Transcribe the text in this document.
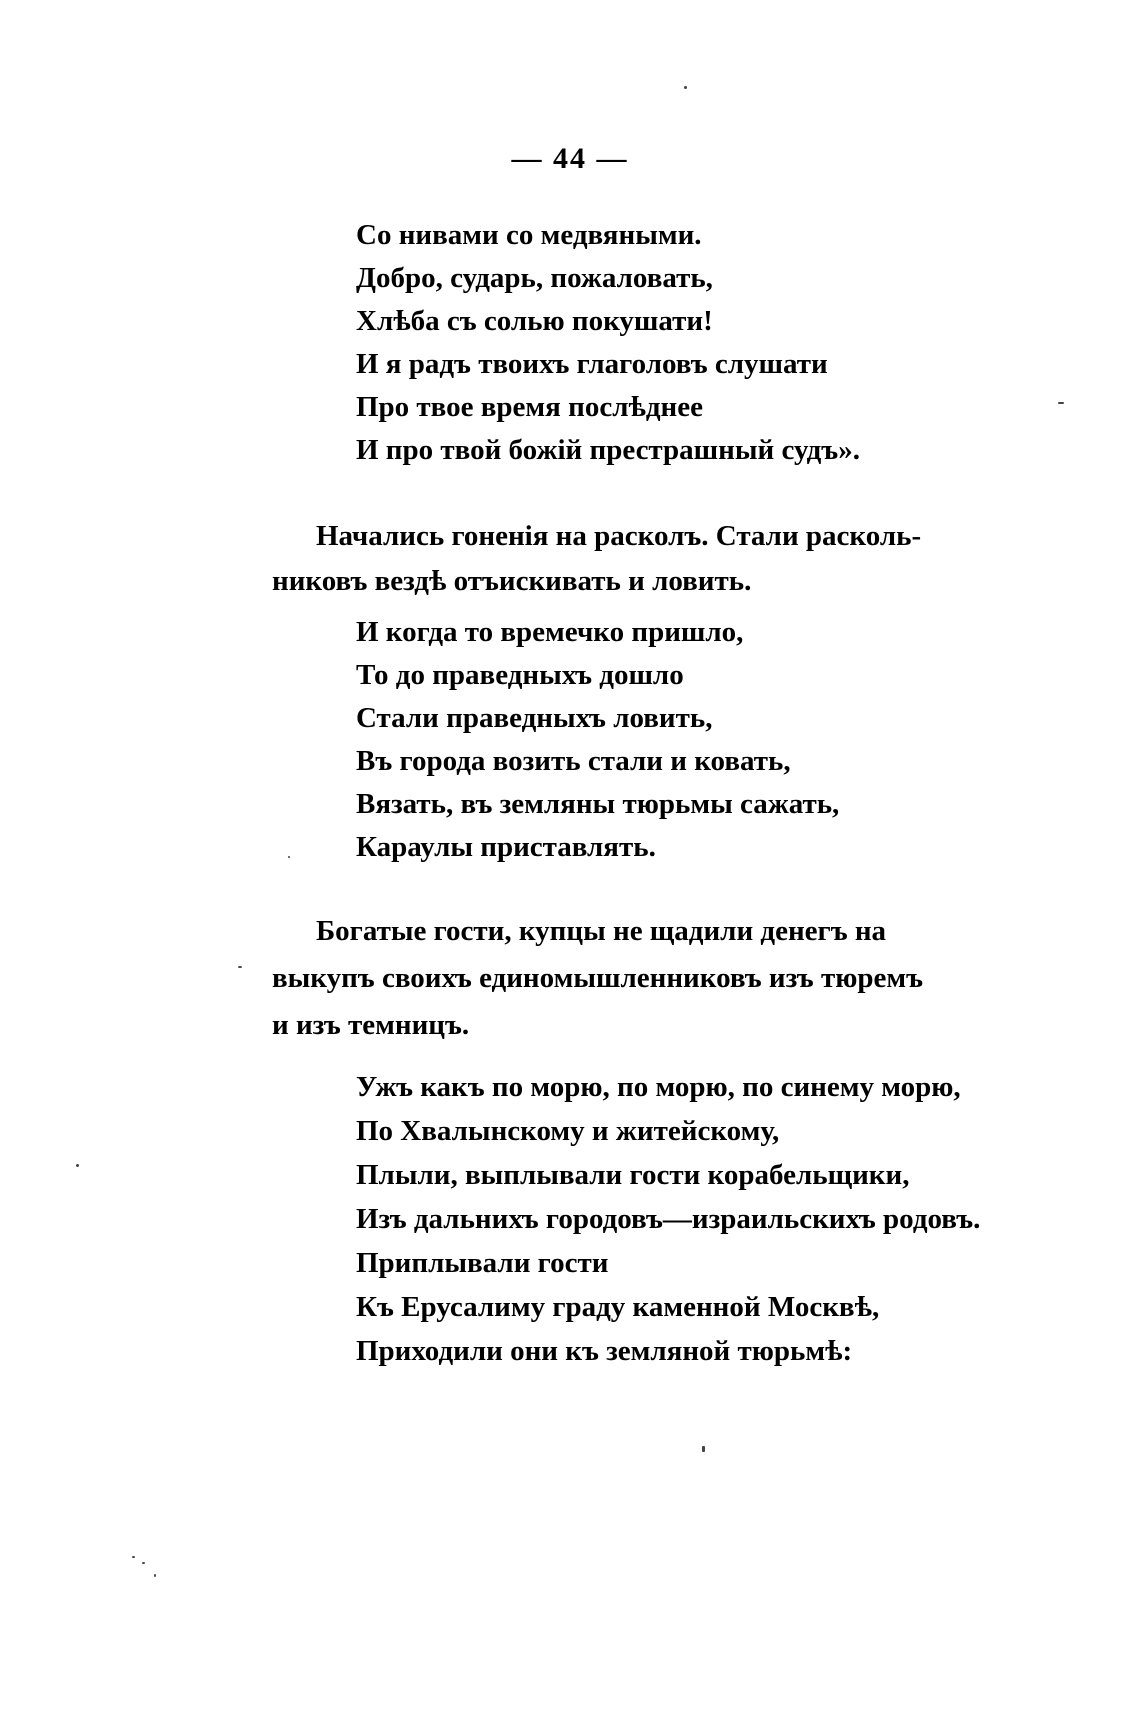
— 44 —
Со нивами со медвяными.
Добро, сударь, пожаловать,
Хлѣба съ солью покушати!
И я радъ твоихъ глаголовъ слушати
Про твое время послѣднее
И про твой божій престрашный судъ».
Начались гоненія на расколъ. Стали расколь-
никовъ вездѣ отъискивать и ловить.
И когда то времечко пришло,
То до праведныхъ дошло
Стали праведныхъ ловить,
Въ города возить стали и ковать,
Вязать, въ земляны тюрьмы сажать,
Караулы приставлять.
Богатые гости, купцы не щадили денегъ на
выкупъ своихъ единомышленниковъ изъ тюремъ
и изъ темницъ.
Ужъ какъ по морю, по морю, по синему морю,
По Хвалынскому и житейскому,
Плыли, выплывали гости корабельщики,
Изъ дальнихъ городовъ—израильскихъ родовъ.
Приплывали гости
Къ Ерусалиму граду каменной Москвѣ,
Приходили они къ земляной тюрьмѣ:
